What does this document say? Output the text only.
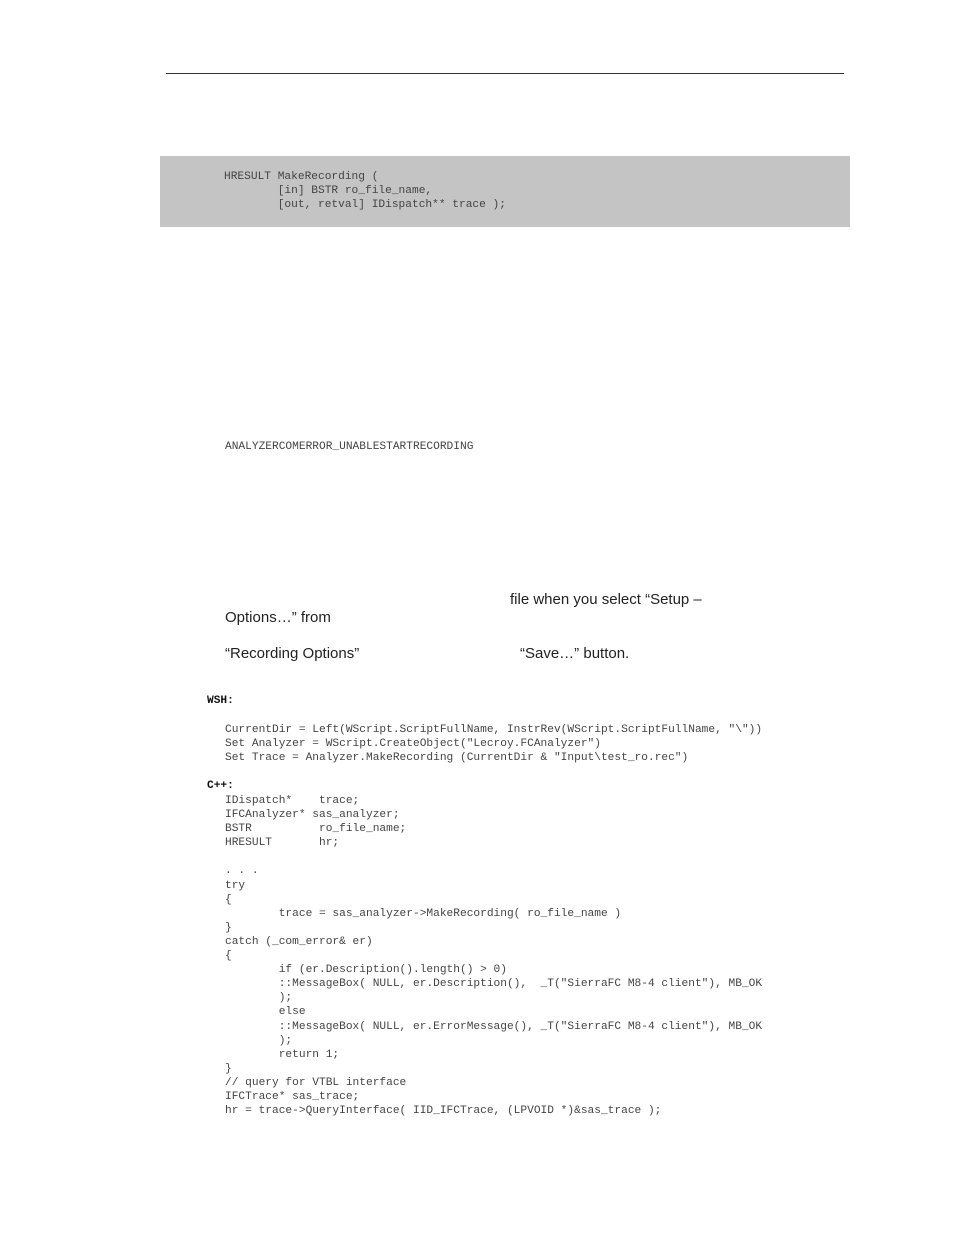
HRESULT MakeRecording (
[in] BSTR ro_file_name,
[out, retval] IDispatch** trace );
ANALYZERCOMERROR_UNABLESTARTRECORDING
file when you select “Setup –
Options…” from
“Recording Options”	“Save…” button.
WSH:
CurrentDir = Left(WScript.ScriptFullName, InstrRev(WScript.ScriptFullName, "\"))
Set Analyzer = WScript.CreateObject("Lecroy.FCAnalyzer")
Set Trace = Analyzer.MakeRecording (CurrentDir & "Input\test_ro.rec")
C++:
IDispatch*    trace;
IFCAnalyzer* sas_analyzer;
BSTR          ro_file_name;
HRESULT       hr;

. . .
try
{
trace = sas_analyzer->MakeRecording( ro_file_name )
}
catch (_com_error& er)
{
if (er.Description().length() > 0)
::MessageBox( NULL, er.Description(),  _T("SierraFC M8-4 client"), MB_OK
);
else
::MessageBox( NULL, er.ErrorMessage(), _T("SierraFC M8-4 client"), MB_OK
);
return 1;
}
// query for VTBL interface
IFCTrace* sas_trace;
hr = trace->QueryInterface( IID_IFCTrace, (LPVOID *)&sas_trace );
